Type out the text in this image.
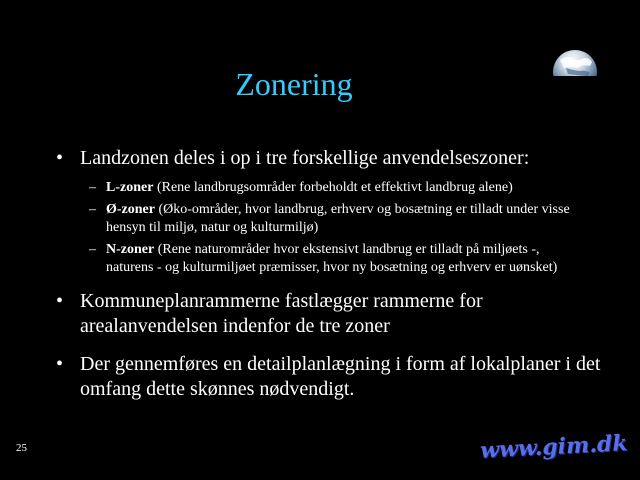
Zonering
• Landzonen deles i op i tre forskellige anvendelseszoner:
– L-zoner (Rene landbrugsområder forbeholdt et effektivt landbrug alene)
– Ø-zoner (Øko-områder, hvor landbrug, erhverv og bosætning er tilladt under visse hensyn til miljø, natur og kulturmiljø)
– N-zoner (Rene naturområder hvor ekstensivt landbrug er tilladt på miljøets -, naturens - og kulturmiljøet præmisser, hvor ny bosætning og erhverv er uønsket)
• Kommuneplanrammerne fastlægger rammerne for arealanvendelsen indenfor de tre zoner
• Der gennemføres en detailplanlægning i form af lokalplaner i det omfang dette skønnes nødvendigt.
25	www.gim.dk
